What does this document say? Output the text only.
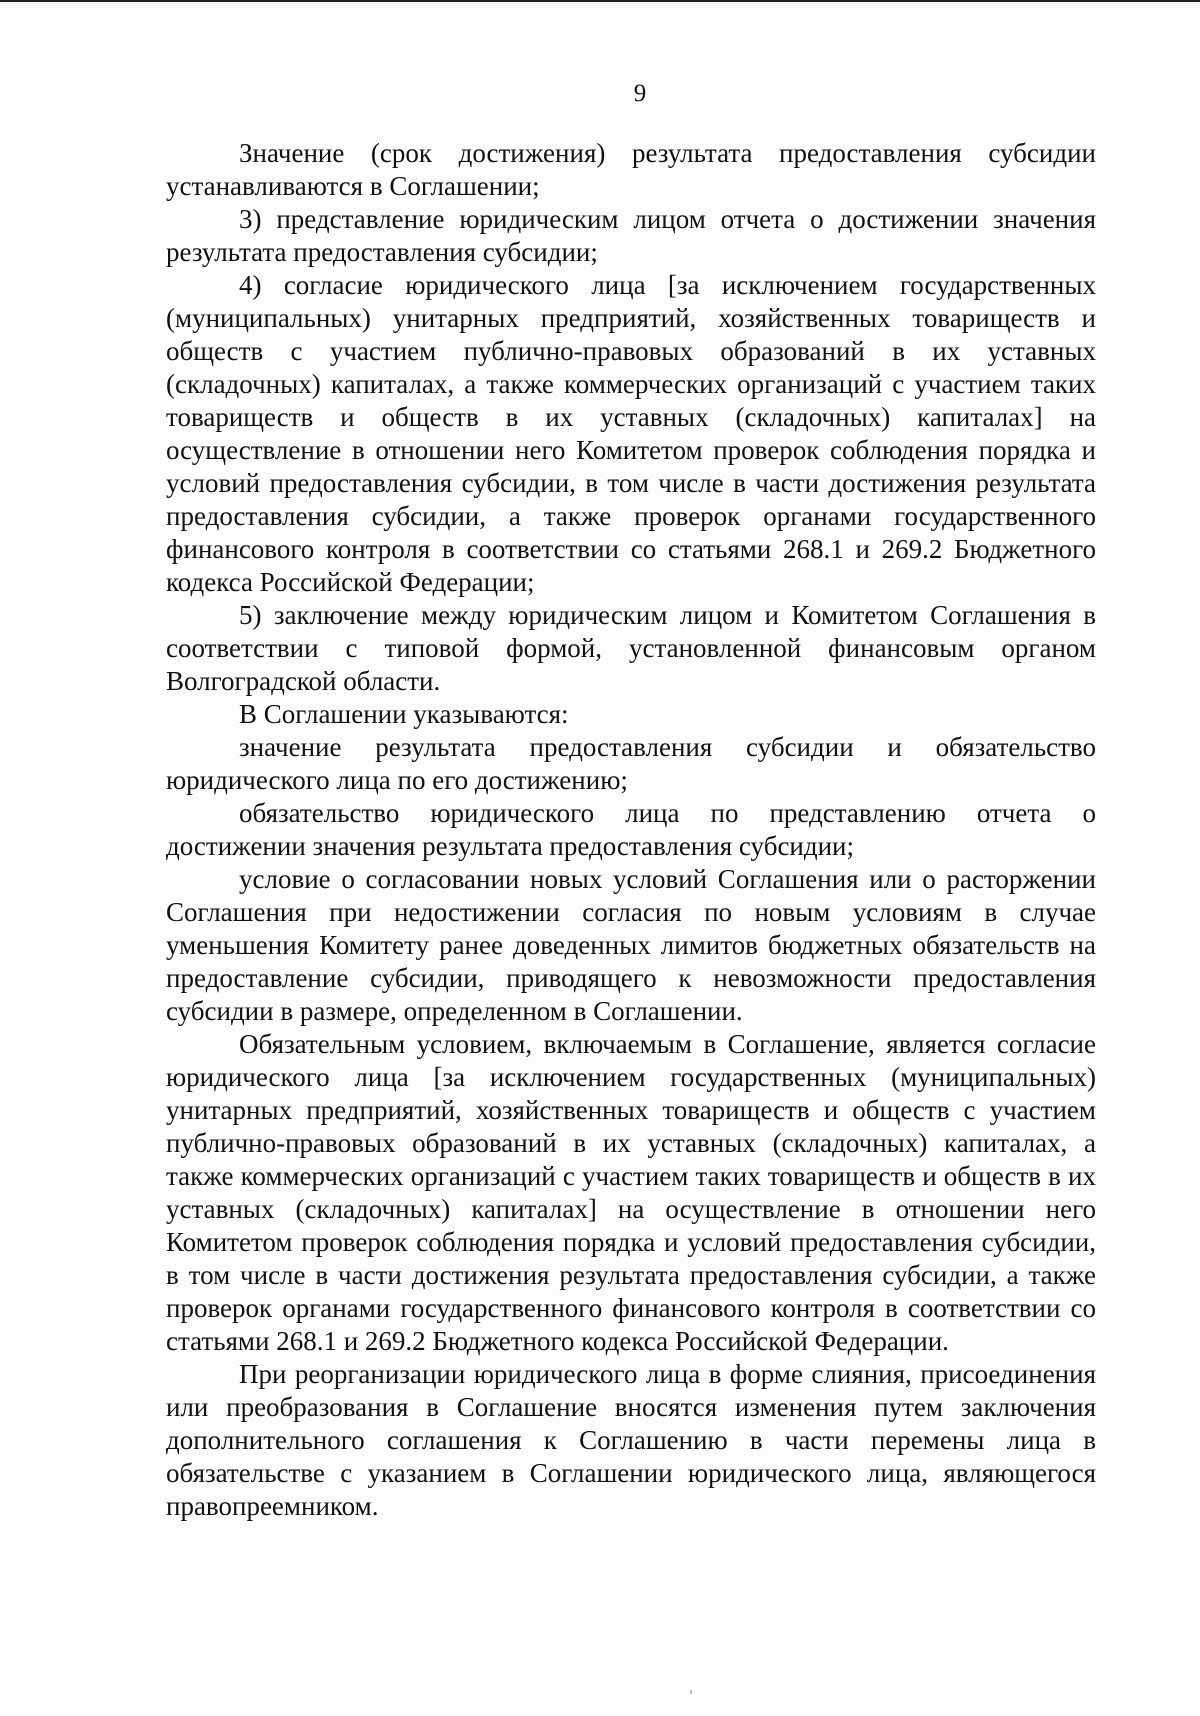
9

Значение (срок достижения) результата предоставления субсидии устанавливаются в Соглашении;

3) представление юридическим лицом отчета о достижении значения результата предоставления субсидии;

4) согласие юридического лица [за исключением государственных (муниципальных) унитарных предприятий, хозяйственных товариществ и обществ с участием публично-правовых образований в их уставных (складочных) капиталах, а также коммерческих организаций с участием таких товариществ и обществ в их уставных (складочных) капиталах] на осуществление в отношении него Комитетом проверок соблюдения порядка и условий предоставления субсидии, в том числе в части достижения результата предоставления субсидии, а также проверок органами государственного финансового контроля в соответствии со статьями 268.1 и 269.2 Бюджетного кодекса Российской Федерации;

5) заключение между юридическим лицом и Комитетом Соглашения в соответствии с типовой формой, установленной финансовым органом Волгоградской области.

В Соглашении указываются:

значение результата предоставления субсидии и обязательство юридического лица по его достижению;

обязательство юридического лица по представлению отчета о достижении значения результата предоставления субсидии;

условие о согласовании новых условий Соглашения или о расторжении Соглашения при недостижении согласия по новым условиям в случае уменьшения Комитету ранее доведенных лимитов бюджетных обязательств на предоставление субсидии, приводящего к невозможности предоставления субсидии в размере, определенном в Соглашении.

Обязательным условием, включаемым в Соглашение, является согласие юридического лица [за исключением государственных (муниципальных) унитарных предприятий, хозяйственных товариществ и обществ с участием публично-правовых образований в их уставных (складочных) капиталах, а также коммерческих организаций с участием таких товариществ и обществ в их уставных (складочных) капиталах] на осуществление в отношении него Комитетом проверок соблюдения порядка и условий предоставления субсидии, в том числе в части достижения результата предоставления субсидии, а также проверок органами государственного финансового контроля в соответствии со статьями 268.1 и 269.2 Бюджетного кодекса Российской Федерации.

При реорганизации юридического лица в форме слияния, присоединения или преобразования в Соглашение вносятся изменения путем заключения дополнительного соглашения к Соглашению в части перемены лица в обязательстве с указанием в Соглашении юридического лица, являющегося правопреемником.
